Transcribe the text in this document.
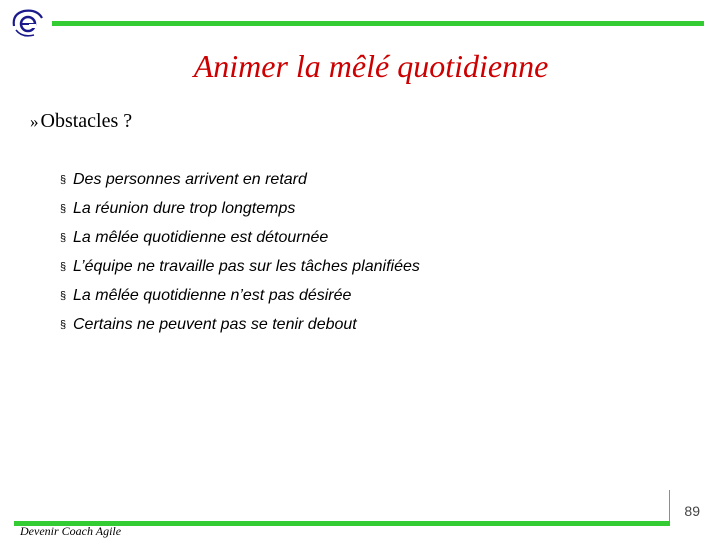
Animer la mêlé quotidienne
» Obstacles ?
§ Des personnes arrivent en retard
§ La réunion dure trop longtemps
§ La mêlée quotidienne est détournée
§ L’équipe ne travaille pas sur les tâches planifiées
§ La mêlée quotidienne n’est pas désirée
§ Certains ne peuvent pas se tenir debout
89
Devenir Coach Agile
